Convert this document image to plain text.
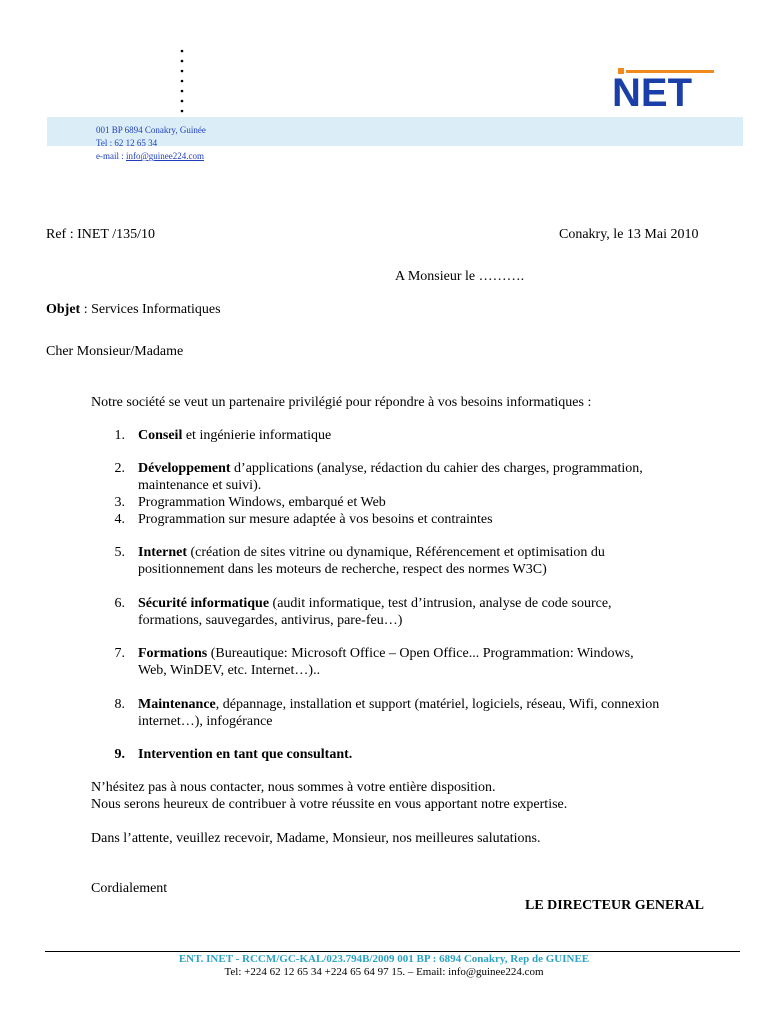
NET
001 BP 6894 Conakry, Guinée
Tel : 62 12 65 34
e-mail : info@guinee224.com
Ref : INET /135/10	Conakry, le 13 Mai 2010
A Monsieur le ……….
Objet : Services Informatiques
Cher Monsieur/Madame
Notre société se veut un partenaire privilégié pour répondre à vos besoins informatiques :
1. Conseil et ingénierie informatique
2. Développement d’applications (analyse, rédaction du cahier des charges, programmation,
maintenance et suivi).
3. Programmation Windows, embarqué et Web
4. Programmation sur mesure adaptée à vos besoins et contraintes
5. Internet (création de sites vitrine ou dynamique, Référencement et optimisation du
positionnement dans les moteurs de recherche, respect des normes W3C)
6. Sécurité informatique (audit informatique, test d’intrusion, analyse de code source,
formations, sauvegardes, antivirus, pare-feu…)
7. Formations (Bureautique: Microsoft Office – Open Office... Programmation: Windows,
Web, WinDEV, etc. Internet…)..
8. Maintenance, dépannage, installation et support (matériel, logiciels, réseau, Wifi, connexion
internet…), infogérance
9. Intervention en tant que consultant.
N’hésitez pas à nous contacter, nous sommes à votre entière disposition.
Nous serons heureux de contribuer à votre réussite en vous apportant notre expertise.
Dans l’attente, veuillez recevoir, Madame, Monsieur, nos meilleures salutations.
Cordialement
LE DIRECTEUR GENERAL
ENT. INET - RCCM/GC-KAL/023.794B/2009 001 BP : 6894 Conakry, Rep de GUINEE
Tel: +224 62 12 65 34 +224 65 64 97 15. – Email: info@guinee224.com
